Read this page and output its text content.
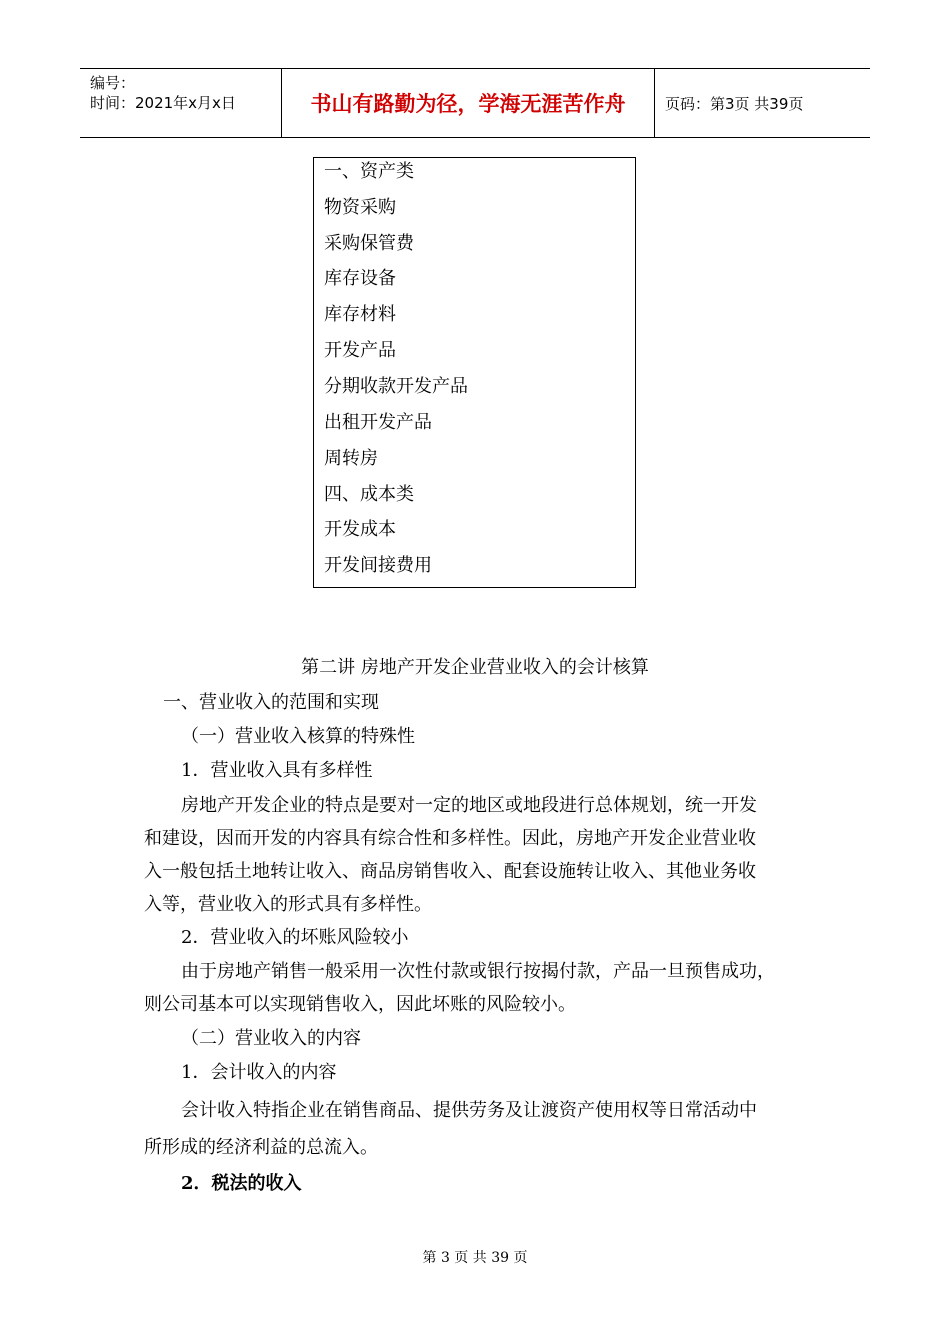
编号：
时间：2021年x月x日	书山有路勤为径，学海无涯苦作舟	页码：第3页 共39页
一、资产类
物资采购
采购保管费
库存设备
库存材料
开发产品
分期收款开发产品
出租开发产品
周转房
四、成本类
开发成本
开发间接费用
第二讲 房地产开发企业营业收入的会计核算
一、营业收入的范围和实现
（一）营业收入核算的特殊性
1．营业收入具有多样性
房地产开发企业的特点是要对一定的地区或地段进行总体规划，统一开发
和建设，因而开发的内容具有综合性和多样性。因此，房地产开发企业营业收
入一般包括土地转让收入、商品房销售收入、配套设施转让收入、其他业务收
入等，营业收入的形式具有多样性。
2．营业收入的坏账风险较小
由于房地产销售一般采用一次性付款或银行按揭付款，产品一旦预售成功，
则公司基本可以实现销售收入，因此坏账的风险较小。
（二）营业收入的内容
1．会计收入的内容
会计收入特指企业在销售商品、提供劳务及让渡资产使用权等日常活动中
所形成的经济利益的总流入。
2．税法的收入
第 3 页 共 39 页
